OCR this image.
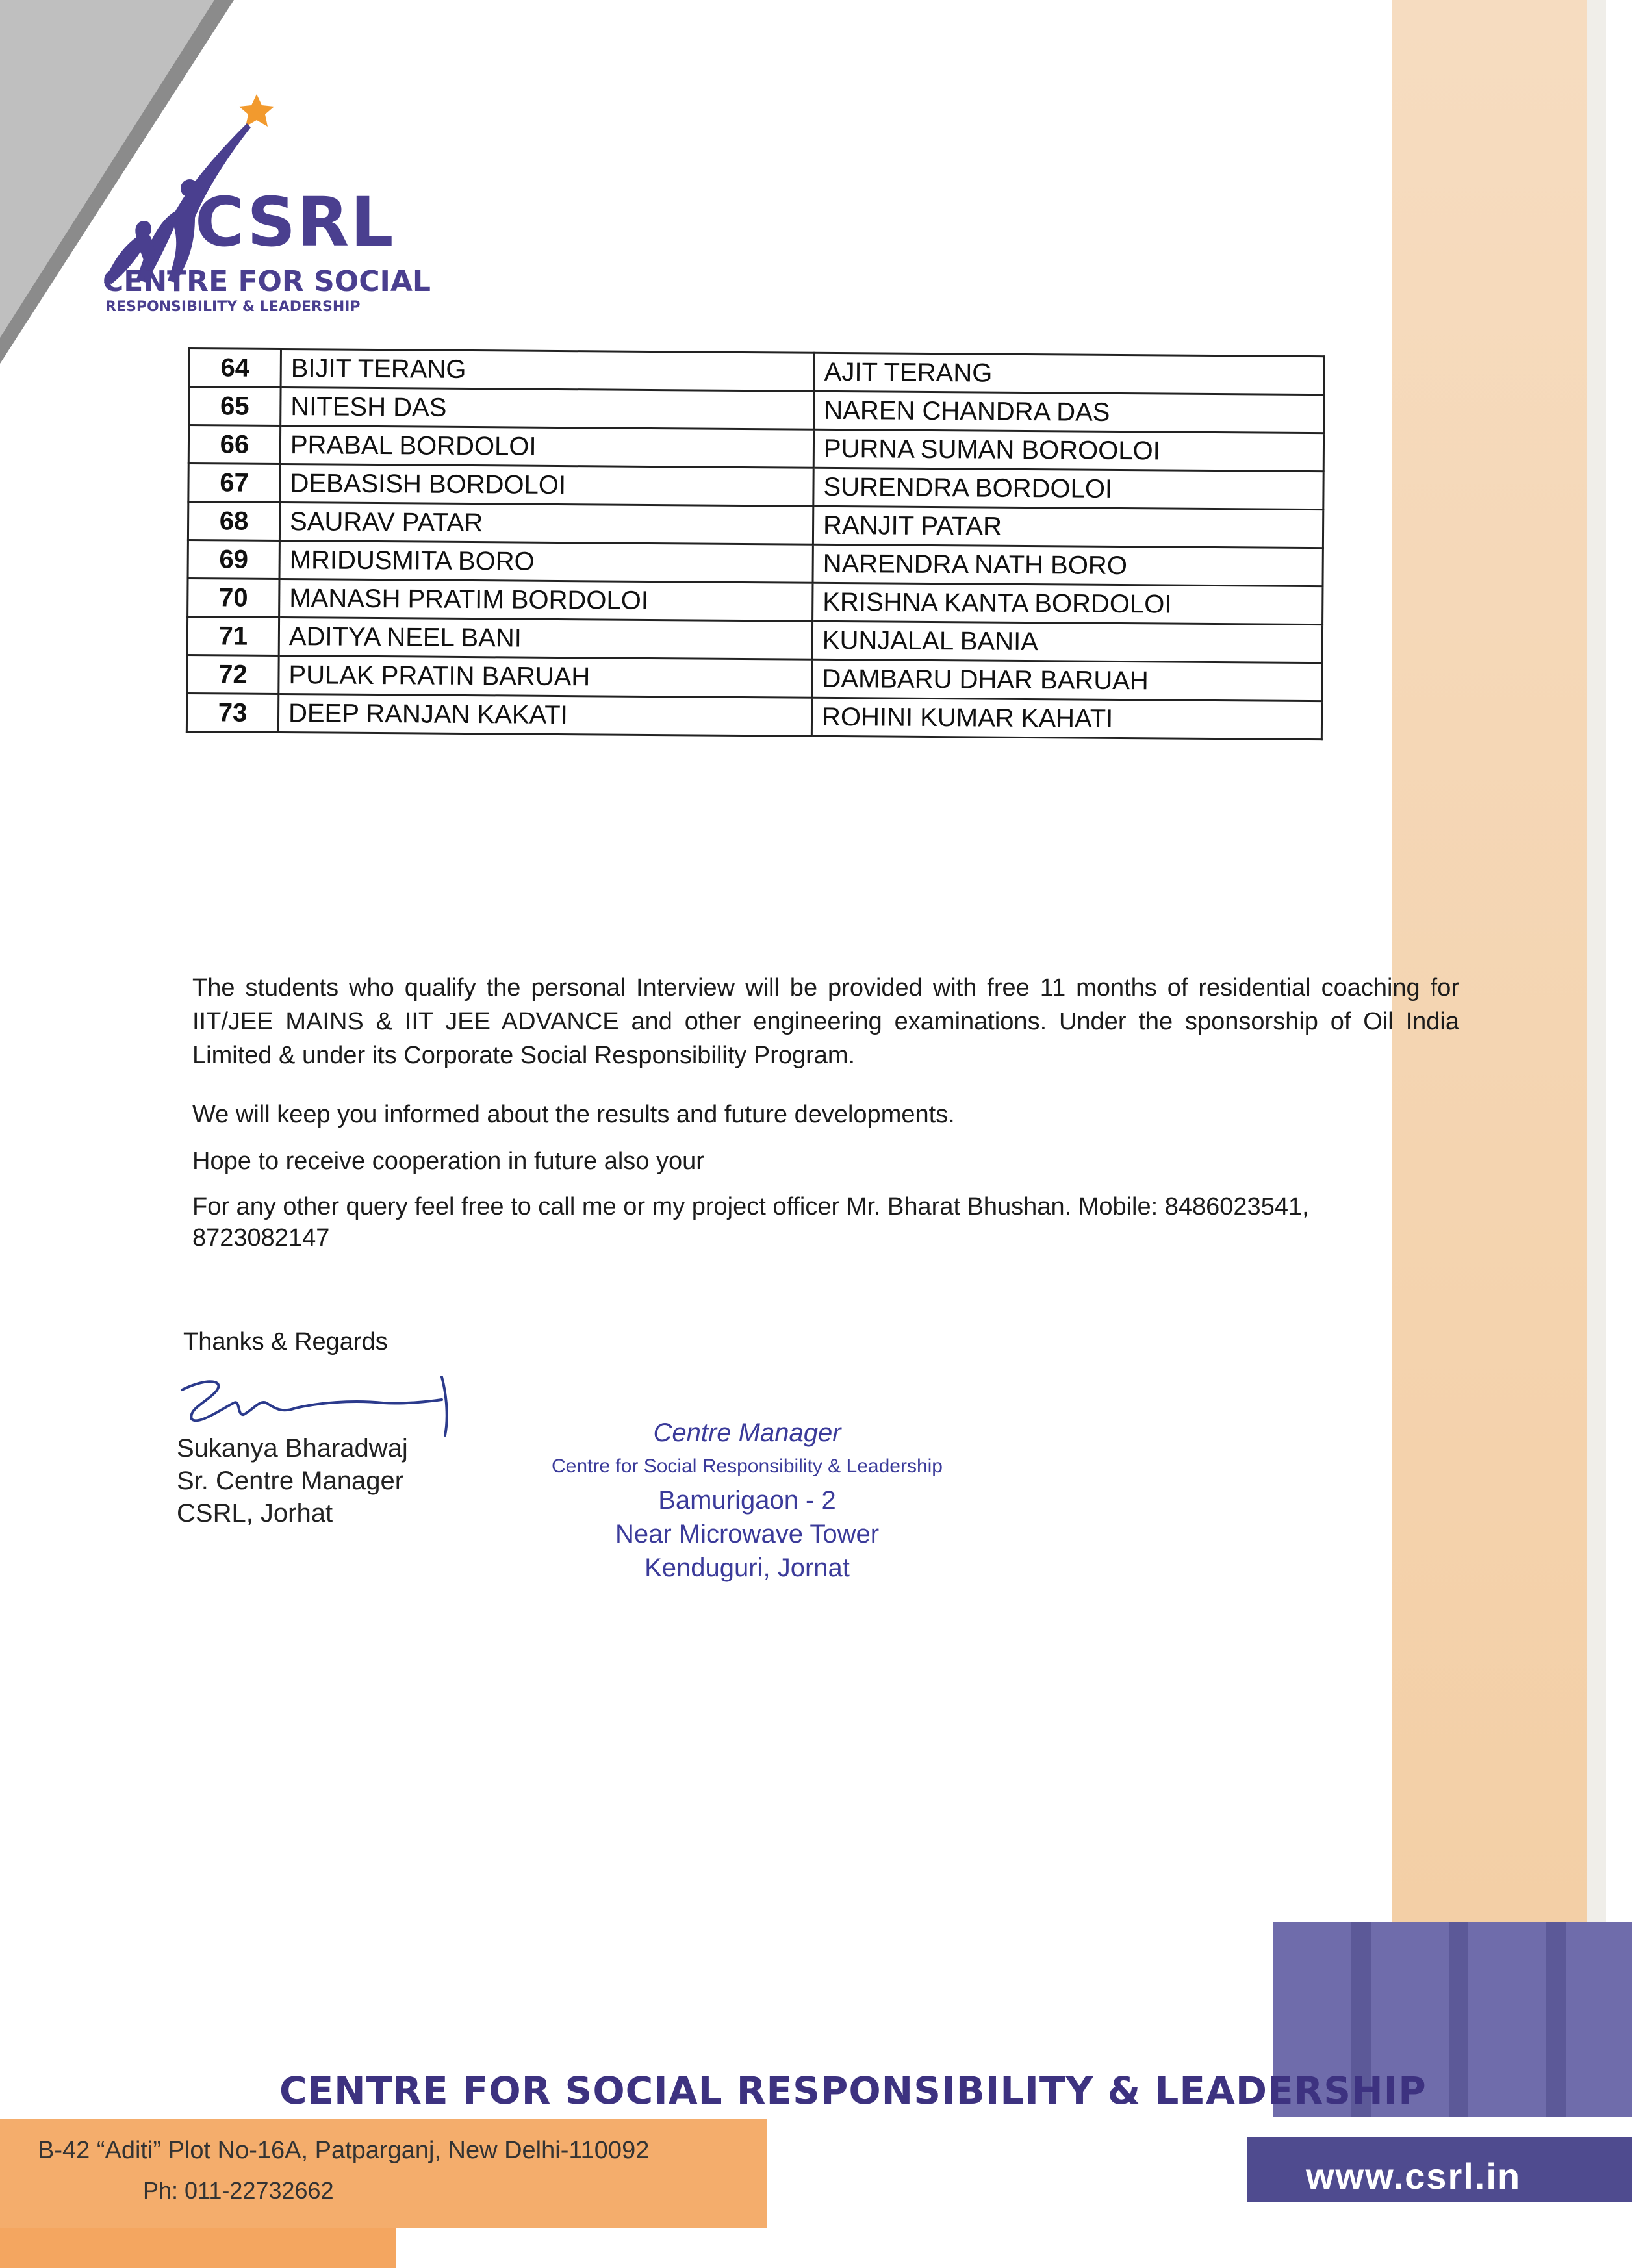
CSRL
CENTRE FOR SOCIAL
RESPONSIBILITY & LEADERSHIP
64	BIJIT TERANG	AJIT TERANG
65	NITESH DAS	NAREN CHANDRA DAS
66	PRABAL BORDOLOI	PURNA SUMAN BOROOLOI
67	DEBASISH BORDOLOI	SURENDRA BORDOLOI
68	SAURAV PATAR	RANJIT PATAR
69	MRIDUSMITA BORO	NARENDRA NATH BORO
70	MANASH PRATIM BORDOLOI	KRISHNA KANTA BORDOLOI
71	ADITYA NEEL BANI	KUNJALAL BANIA
72	PULAK PRATIN BARUAH	DAMBARU DHAR BARUAH
73	DEEP RANJAN KAKATI	ROHINI KUMAR KAHATI
The students who qualify the personal Interview will be provided with free 11 months of residential coaching for IIT/JEE MAINS & IIT JEE ADVANCE and other engineering examinations. Under the sponsorship of Oil India Limited & under its Corporate Social Responsibility Program.
We will keep you informed about the results and future developments.
Hope to receive cooperation in future also your
For any other query feel free to call me or my project officer Mr. Bharat Bhushan. Mobile: 8486023541,
8723082147
Thanks & Regards
Sukanya Bharadwaj
Sr. Centre Manager
CSRL, Jorhat
Centre Manager
Centre for Social Responsibility & Leadership
Bamurigaon - 2
Near Microwave Tower
Kenduguri, Jornat
CENTRE FOR SOCIAL RESPONSIBILITY & LEADERSHIP
B-42 “Aditi” Plot No-16A, Patparganj, New Delhi-110092
Ph: 011-22732662	www.csrl.in
